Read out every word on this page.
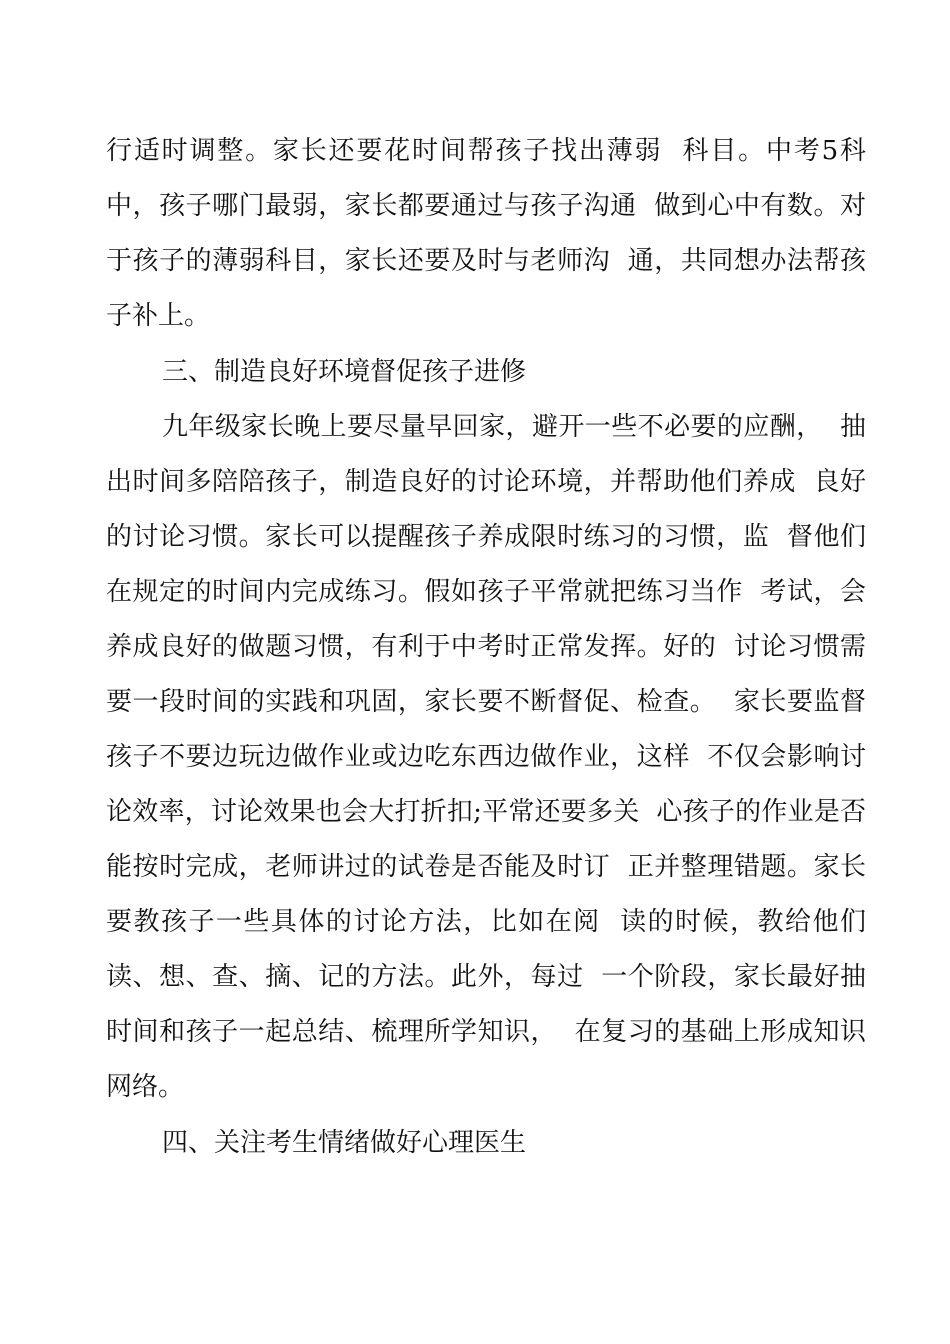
行适时调整。家长还要花时间帮孩子找出薄弱  科目。中考5科
中，孩子哪门最弱，家长都要通过与孩子沟通  做到心中有数。对
于孩子的薄弱科目，家长还要及时与老师沟  通，共同想办法帮孩
子补上。
三、制造良好环境督促孩子进修
九年级家长晚上要尽量早回家，避开一些不必要的应酬，  抽
出时间多陪陪孩子，制造良好的讨论环境，并帮助他们养成  良好
的讨论习惯。家长可以提醒孩子养成限时练习的习惯，监  督他们
在规定的时间内完成练习。假如孩子平常就把练习当作  考试，会
养成良好的做题习惯，有利于中考时正常发挥。好的  讨论习惯需
要一段时间的实践和巩固，家长要不断督促、检查。  家长要监督
孩子不要边玩边做作业或边吃东西边做作业，这样  不仅会影响讨
论效率，讨论效果也会大打折扣;平常还要多关  心孩子的作业是否
能按时完成，老师讲过的试卷是否能及时订  正并整理错题。家长
要教孩子一些具体的讨论方法，比如在阅  读的时候，教给他们
读、想、查、摘、记的方法。此外，每过  一个阶段，家长最好抽
时间和孩子一起总结、梳理所学知识，  在复习的基础上形成知识
网络。
四、关注考生情绪做好心理医生
